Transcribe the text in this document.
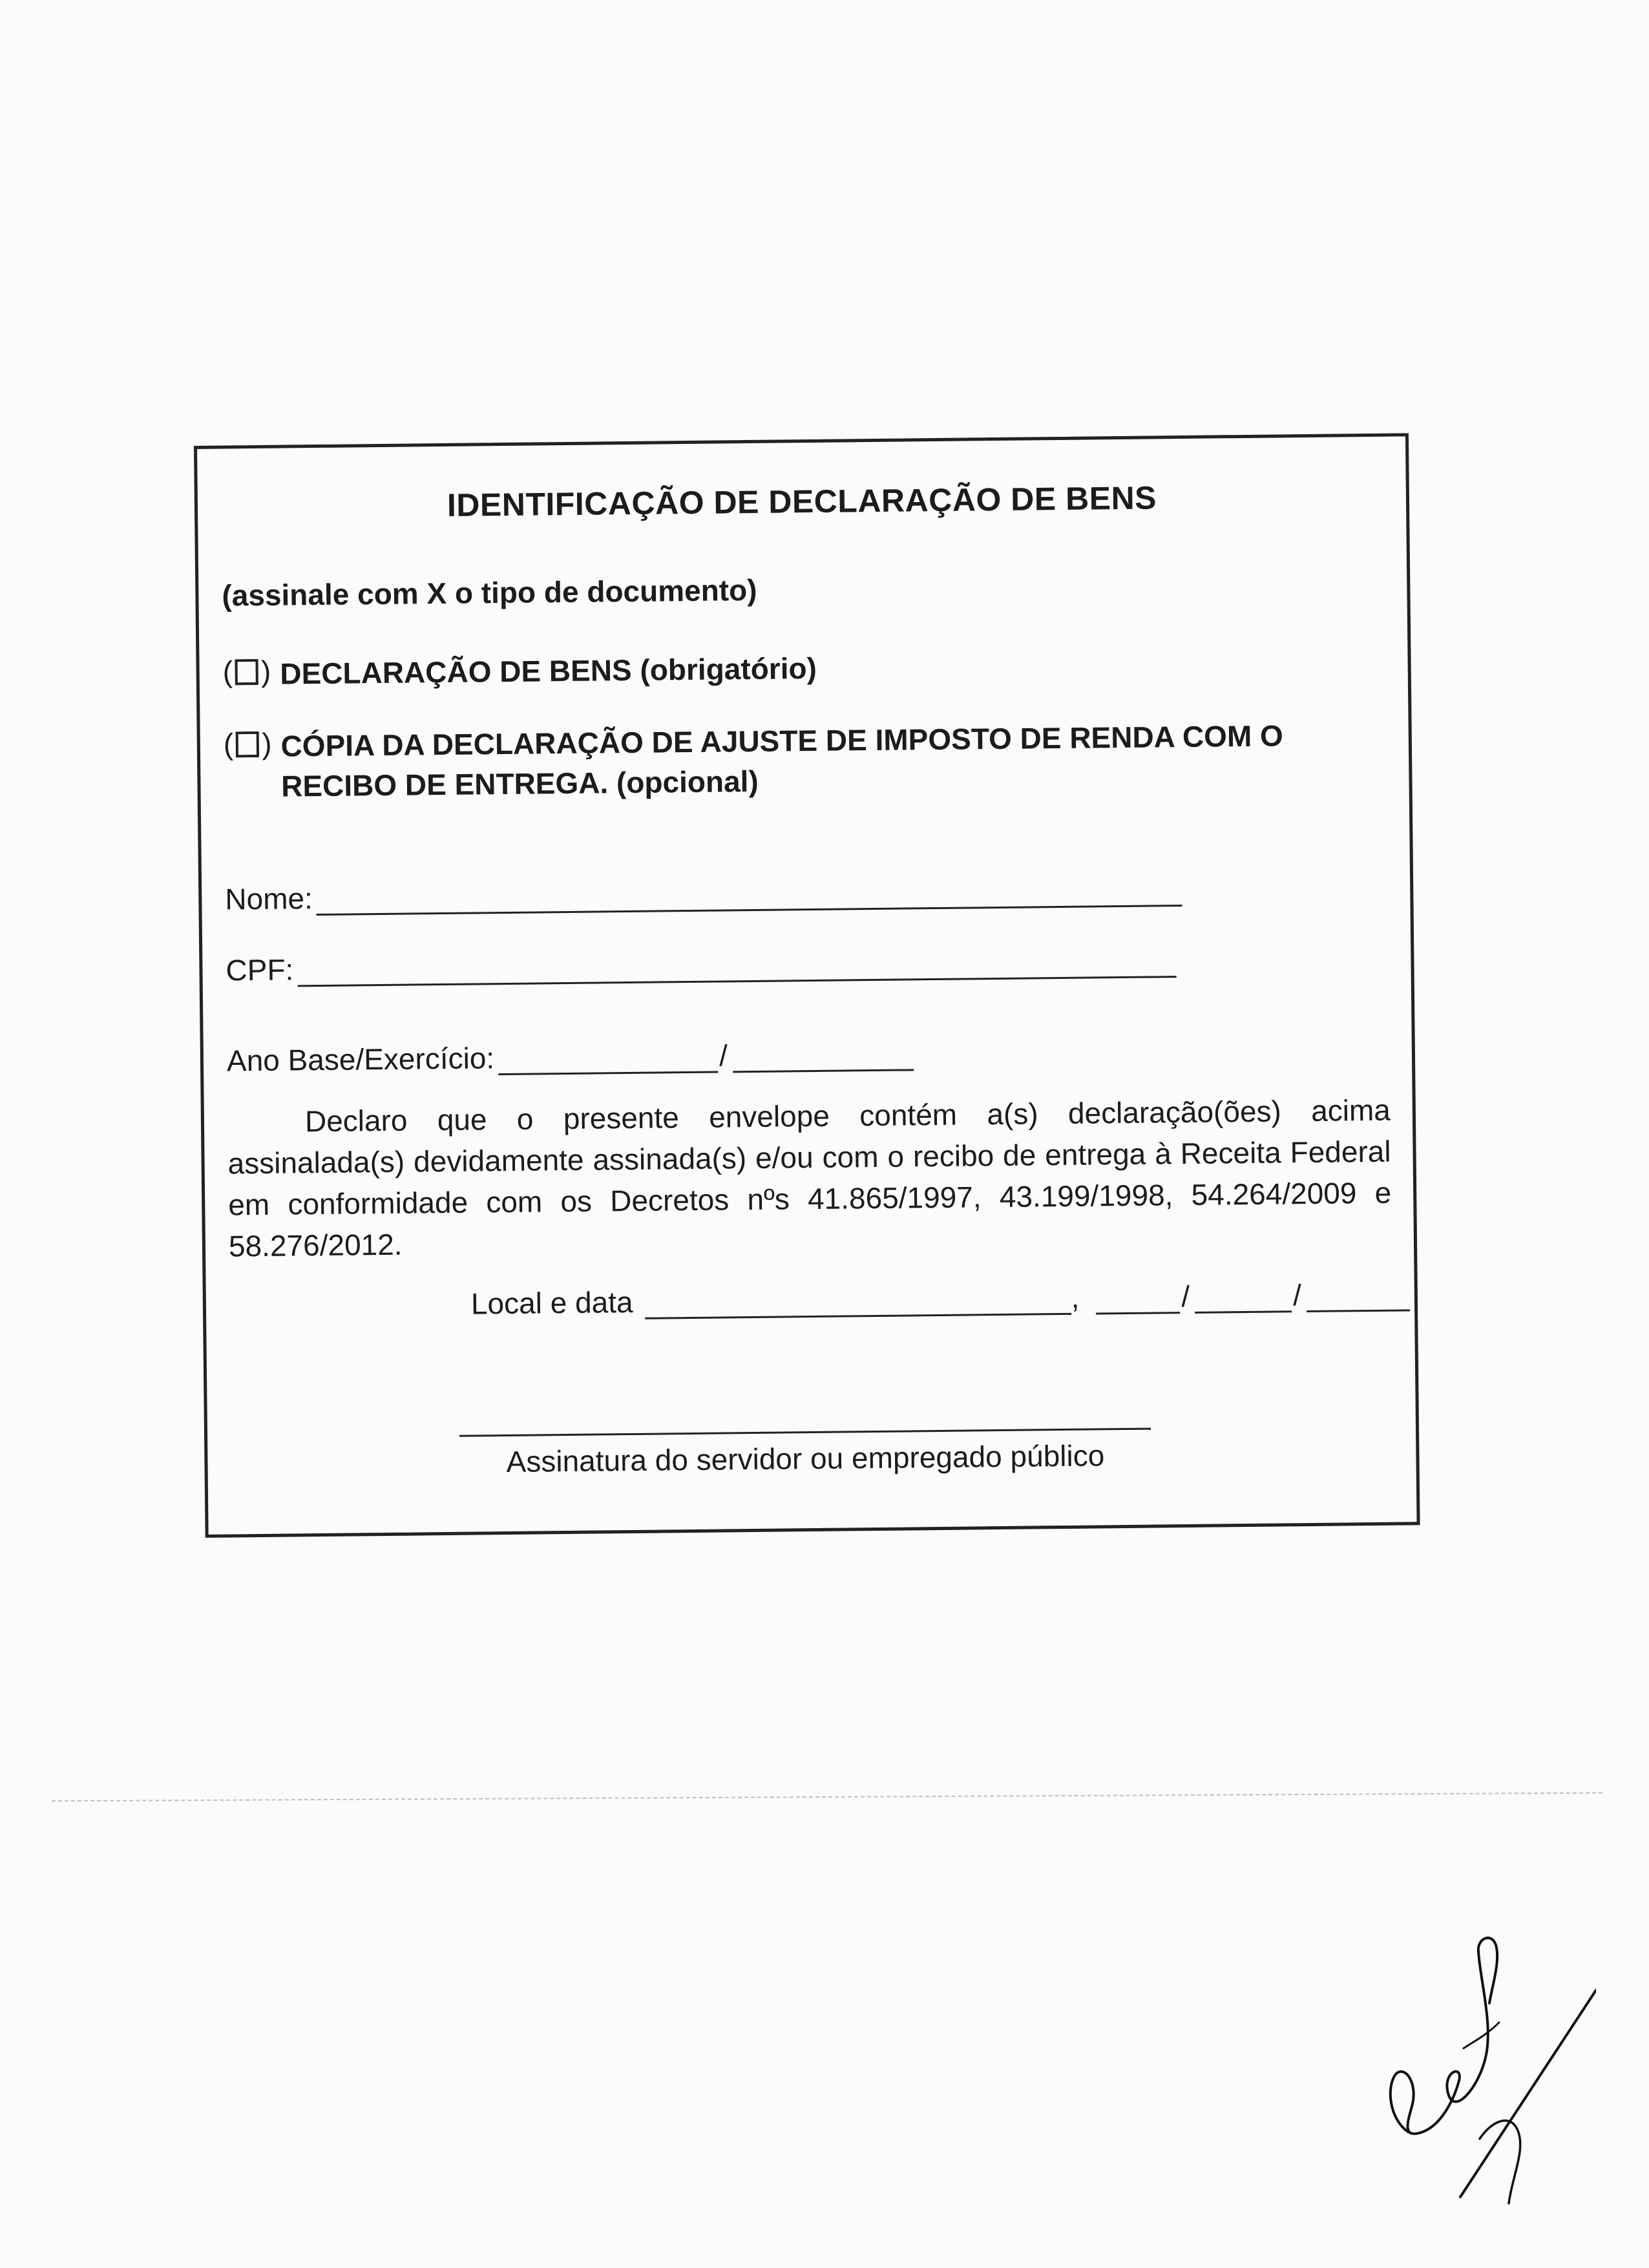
IDENTIFICAÇÃO DE DECLARAÇÃO DE BENS
(assinale com X o tipo de documento)
( ) DECLARAÇÃO DE BENS (obrigatório)
( ) CÓPIA DA DECLARAÇÃO DE AJUSTE DE IMPOSTO DE RENDA COM O
RECIBO DE ENTREGA. (opcional)
Nome:
CPF:
Ano Base/Exercício:	/
Declaro que o presente envelope contém a(s) declaração(ões) acima assinalada(s) devidamente assinada(s) e/ou com o recibo de entrega à Receita Federal em conformidade com os Decretos nºs 41.865/1997, 43.199/1998, 54.264/2009 e 58.276/2012.
Local e data	,	/	/
Assinatura do servidor ou empregado público
